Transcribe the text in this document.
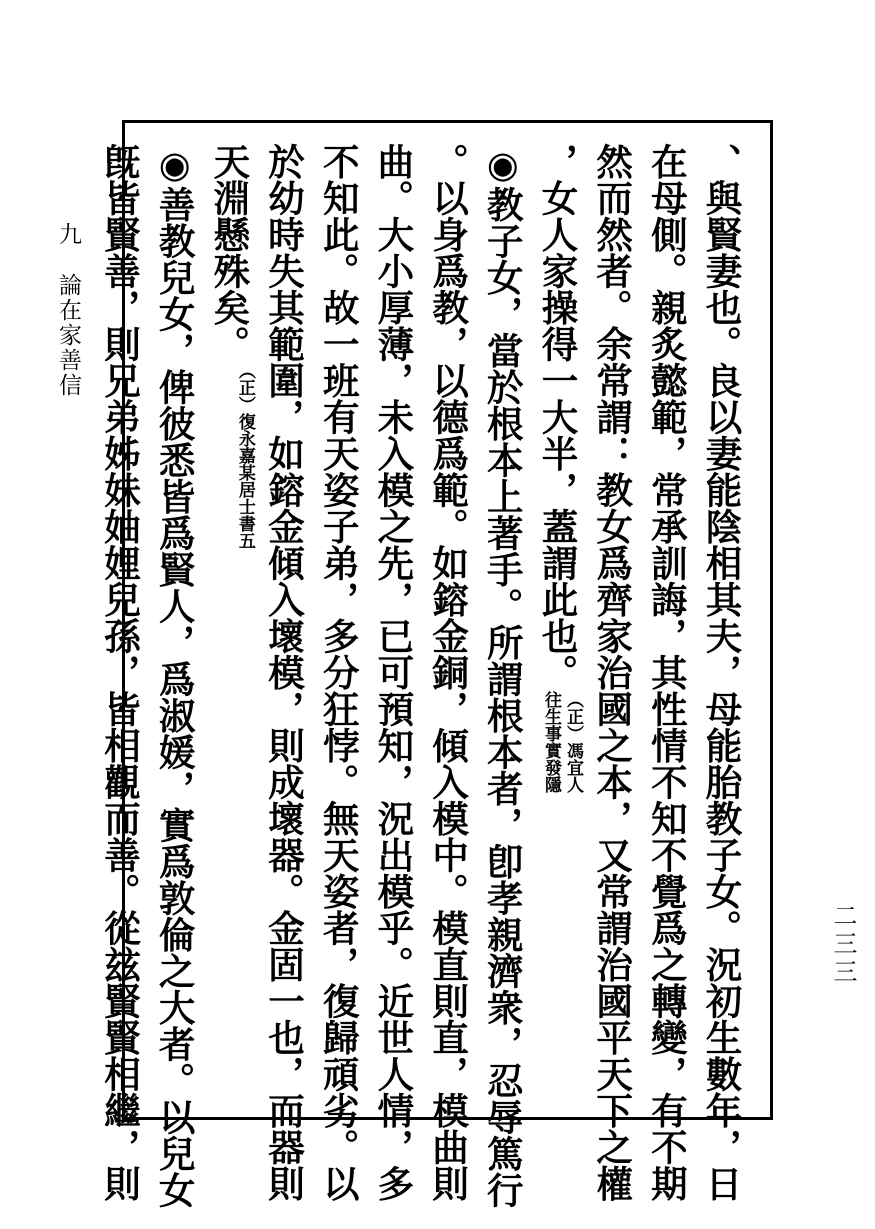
九論在家善信
二三三
、與賢妻也。良以妻能陰相其夫，母能胎教子女。況初生數年，日
在母側。親炙懿範，常承訓誨，其性情不知不覺爲之轉變，有不期
然而然者。余常謂：教女爲齊家治國之本，又常謂治國平天下之權
，女人家操得一大半，蓋謂此也。
（正）馮宜人
往生事實發隱
◉教子女，當於根本上著手。所謂根本者，卽孝親濟衆，忍辱篤行
。以身爲教，以德爲範。如鎔金銅，傾入模中。模直則直，模曲則
曲。大小厚薄，未入模之先，已可預知，況出模乎。近世人情，多
不知此。故一班有天姿子弟，多分狂悖。無天姿者，復歸頑劣。以
於幼時失其範圍，如鎔金傾入壞模，則成壞器。金固一也，而器則
天淵懸殊矣。
（正）復永嘉某居士書五
◉善教兒女，俾彼悉皆爲賢人，爲淑媛，實爲敦倫之大者。以兒女
旣皆賢善，則兄弟姊妹妯娌兒孫，皆相觀而善。從玆賢賢相繼，則
